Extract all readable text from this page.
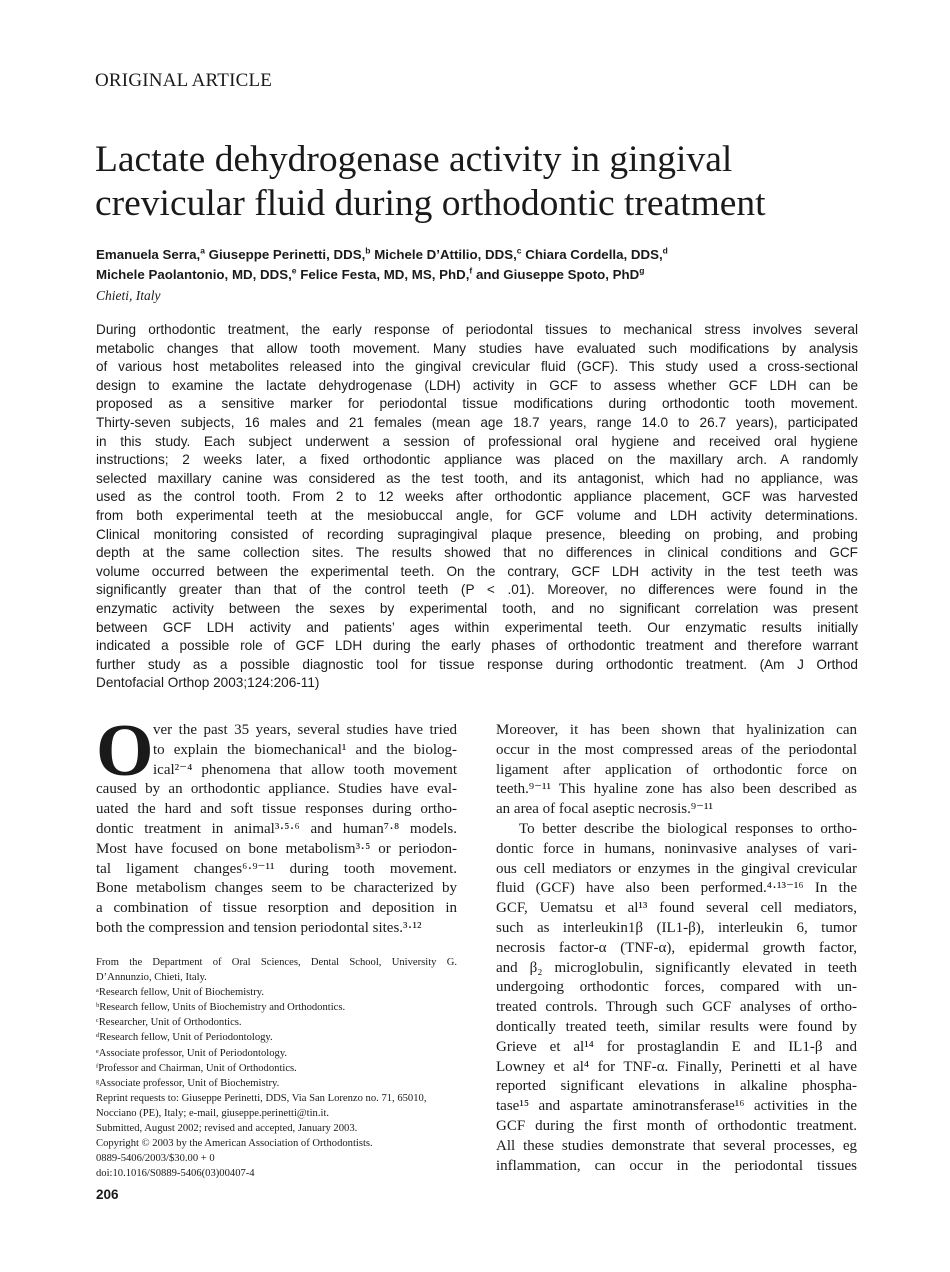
ORIGINAL ARTICLE
Lactate dehydrogenase activity in gingival
crevicular fluid during orthodontic treatment
Emanuela Serra,$^a$ Giuseppe Perinetti, DDS,$^b$ Michele D’Attilio, DDS,$^c$ Chiara Cordella, DDS,$^d$
Michele Paolantonio, MD, DDS,$^e$ Felice Festa, MD, MS, PhD,$^f$ and Giuseppe Spoto, PhD$^g$
Chieti, Italy
During orthodontic treatment, the early response of periodontal tissues to mechanical stress involves several
metabolic changes that allow tooth movement. Many studies have evaluated such modifications by analysis
of various host metabolites released into the gingival crevicular fluid (GCF). This study used a cross-sectional
design to examine the lactate dehydrogenase (LDH) activity in GCF to assess whether GCF LDH can be
proposed as a sensitive marker for periodontal tissue modifications during orthodontic tooth movement.
Thirty-seven subjects, 16 males and 21 females (mean age 18.7 years, range 14.0 to 26.7 years), participated
in this study. Each subject underwent a session of professional oral hygiene and received oral hygiene
instructions; 2 weeks later, a fixed orthodontic appliance was placed on the maxillary arch. A randomly
selected maxillary canine was considered as the test tooth, and its antagonist, which had no appliance, was
used as the control tooth. From 2 to 12 weeks after orthodontic appliance placement, GCF was harvested
from both experimental teeth at the mesiobuccal angle, for GCF volume and LDH activity determinations.
Clinical monitoring consisted of recording supragingival plaque presence, bleeding on probing, and probing
depth at the same collection sites. The results showed that no differences in clinical conditions and GCF
volume occurred between the experimental teeth. On the contrary, GCF LDH activity in the test teeth was
significantly greater than that of the control teeth (P < .01). Moreover, no differences were found in the
enzymatic activity between the sexes by experimental tooth, and no significant correlation was present
between GCF LDH activity and patients’ ages within experimental teeth. Our enzymatic results initially
indicated a possible role of GCF LDH during the early phases of orthodontic treatment and therefore warrant
further study as a possible diagnostic tool for tissue response during orthodontic treatment. (Am J Orthod
Dentofacial Orthop 2003;124:206-11)
O ver the past 35 years, several studies have tried
to explain the biomechanical¹ and the biolog-
ical²⁻⁴ phenomena that allow tooth movement
caused by an orthodontic appliance. Studies have eval-
uated the hard and soft tissue responses during ortho-
dontic treatment in animal³·⁵·⁶ and human⁷·⁸ models.
Most have focused on bone metabolism³·⁵ or periodon-
tal ligament changes⁶·⁹⁻¹¹ during tooth movement.
Bone metabolism changes seem to be characterized by
a combination of tissue resorption and deposition in
both the compression and tension periodontal sites.³·¹²
From the Department of Oral Sciences, Dental School, University G.
D’Annunzio, Chieti, Italy.
ᵃResearch fellow, Unit of Biochemistry.
ᵇResearch fellow, Units of Biochemistry and Orthodontics.
ᶜResearcher, Unit of Orthodontics.
ᵈResearch fellow, Unit of Periodontology.
ᵉAssociate professor, Unit of Periodontology.
ᶠProfessor and Chairman, Unit of Orthodontics.
ᵍAssociate professor, Unit of Biochemistry.
Reprint requests to: Giuseppe Perinetti, DDS, Via San Lorenzo no. 71, 65010,
Nocciano (PE), Italy; e-mail, giuseppe.perinetti@tin.it.
Submitted, August 2002; revised and accepted, January 2003.
Copyright © 2003 by the American Association of Orthodontists.
0889-5406/2003/$30.00 + 0
doi:10.1016/S0889-5406(03)00407-4
Moreover, it has been shown that hyalinization can
occur in the most compressed areas of the periodontal
ligament after application of orthodontic force on
teeth.⁹⁻¹¹ This hyaline zone has also been described as
an area of focal aseptic necrosis.⁹⁻¹¹
To better describe the biological responses to ortho-
dontic force in humans, noninvasive analyses of vari-
ous cell mediators or enzymes in the gingival crevicular
fluid (GCF) have also been performed.⁴·¹³⁻¹⁶ In the
GCF, Uematsu et al¹³ found several cell mediators,
such as interleukin1β (IL1-β), interleukin 6, tumor
necrosis factor-α (TNF-α), epidermal growth factor,
and β₂ microglobulin, significantly elevated in teeth
undergoing orthodontic forces, compared with un-
treated controls. Through such GCF analyses of ortho-
dontically treated teeth, similar results were found by
Grieve et al¹⁴ for prostaglandin E and IL1-β and
Lowney et al⁴ for TNF-α. Finally, Perinetti et al have
reported significant elevations in alkaline phospha-
tase¹⁵ and aspartate aminotransferase¹⁶ activities in the
GCF during the first month of orthodontic treatment.
All these studies demonstrate that several processes, eg
inflammation, can occur in the periodontal tissues
206
